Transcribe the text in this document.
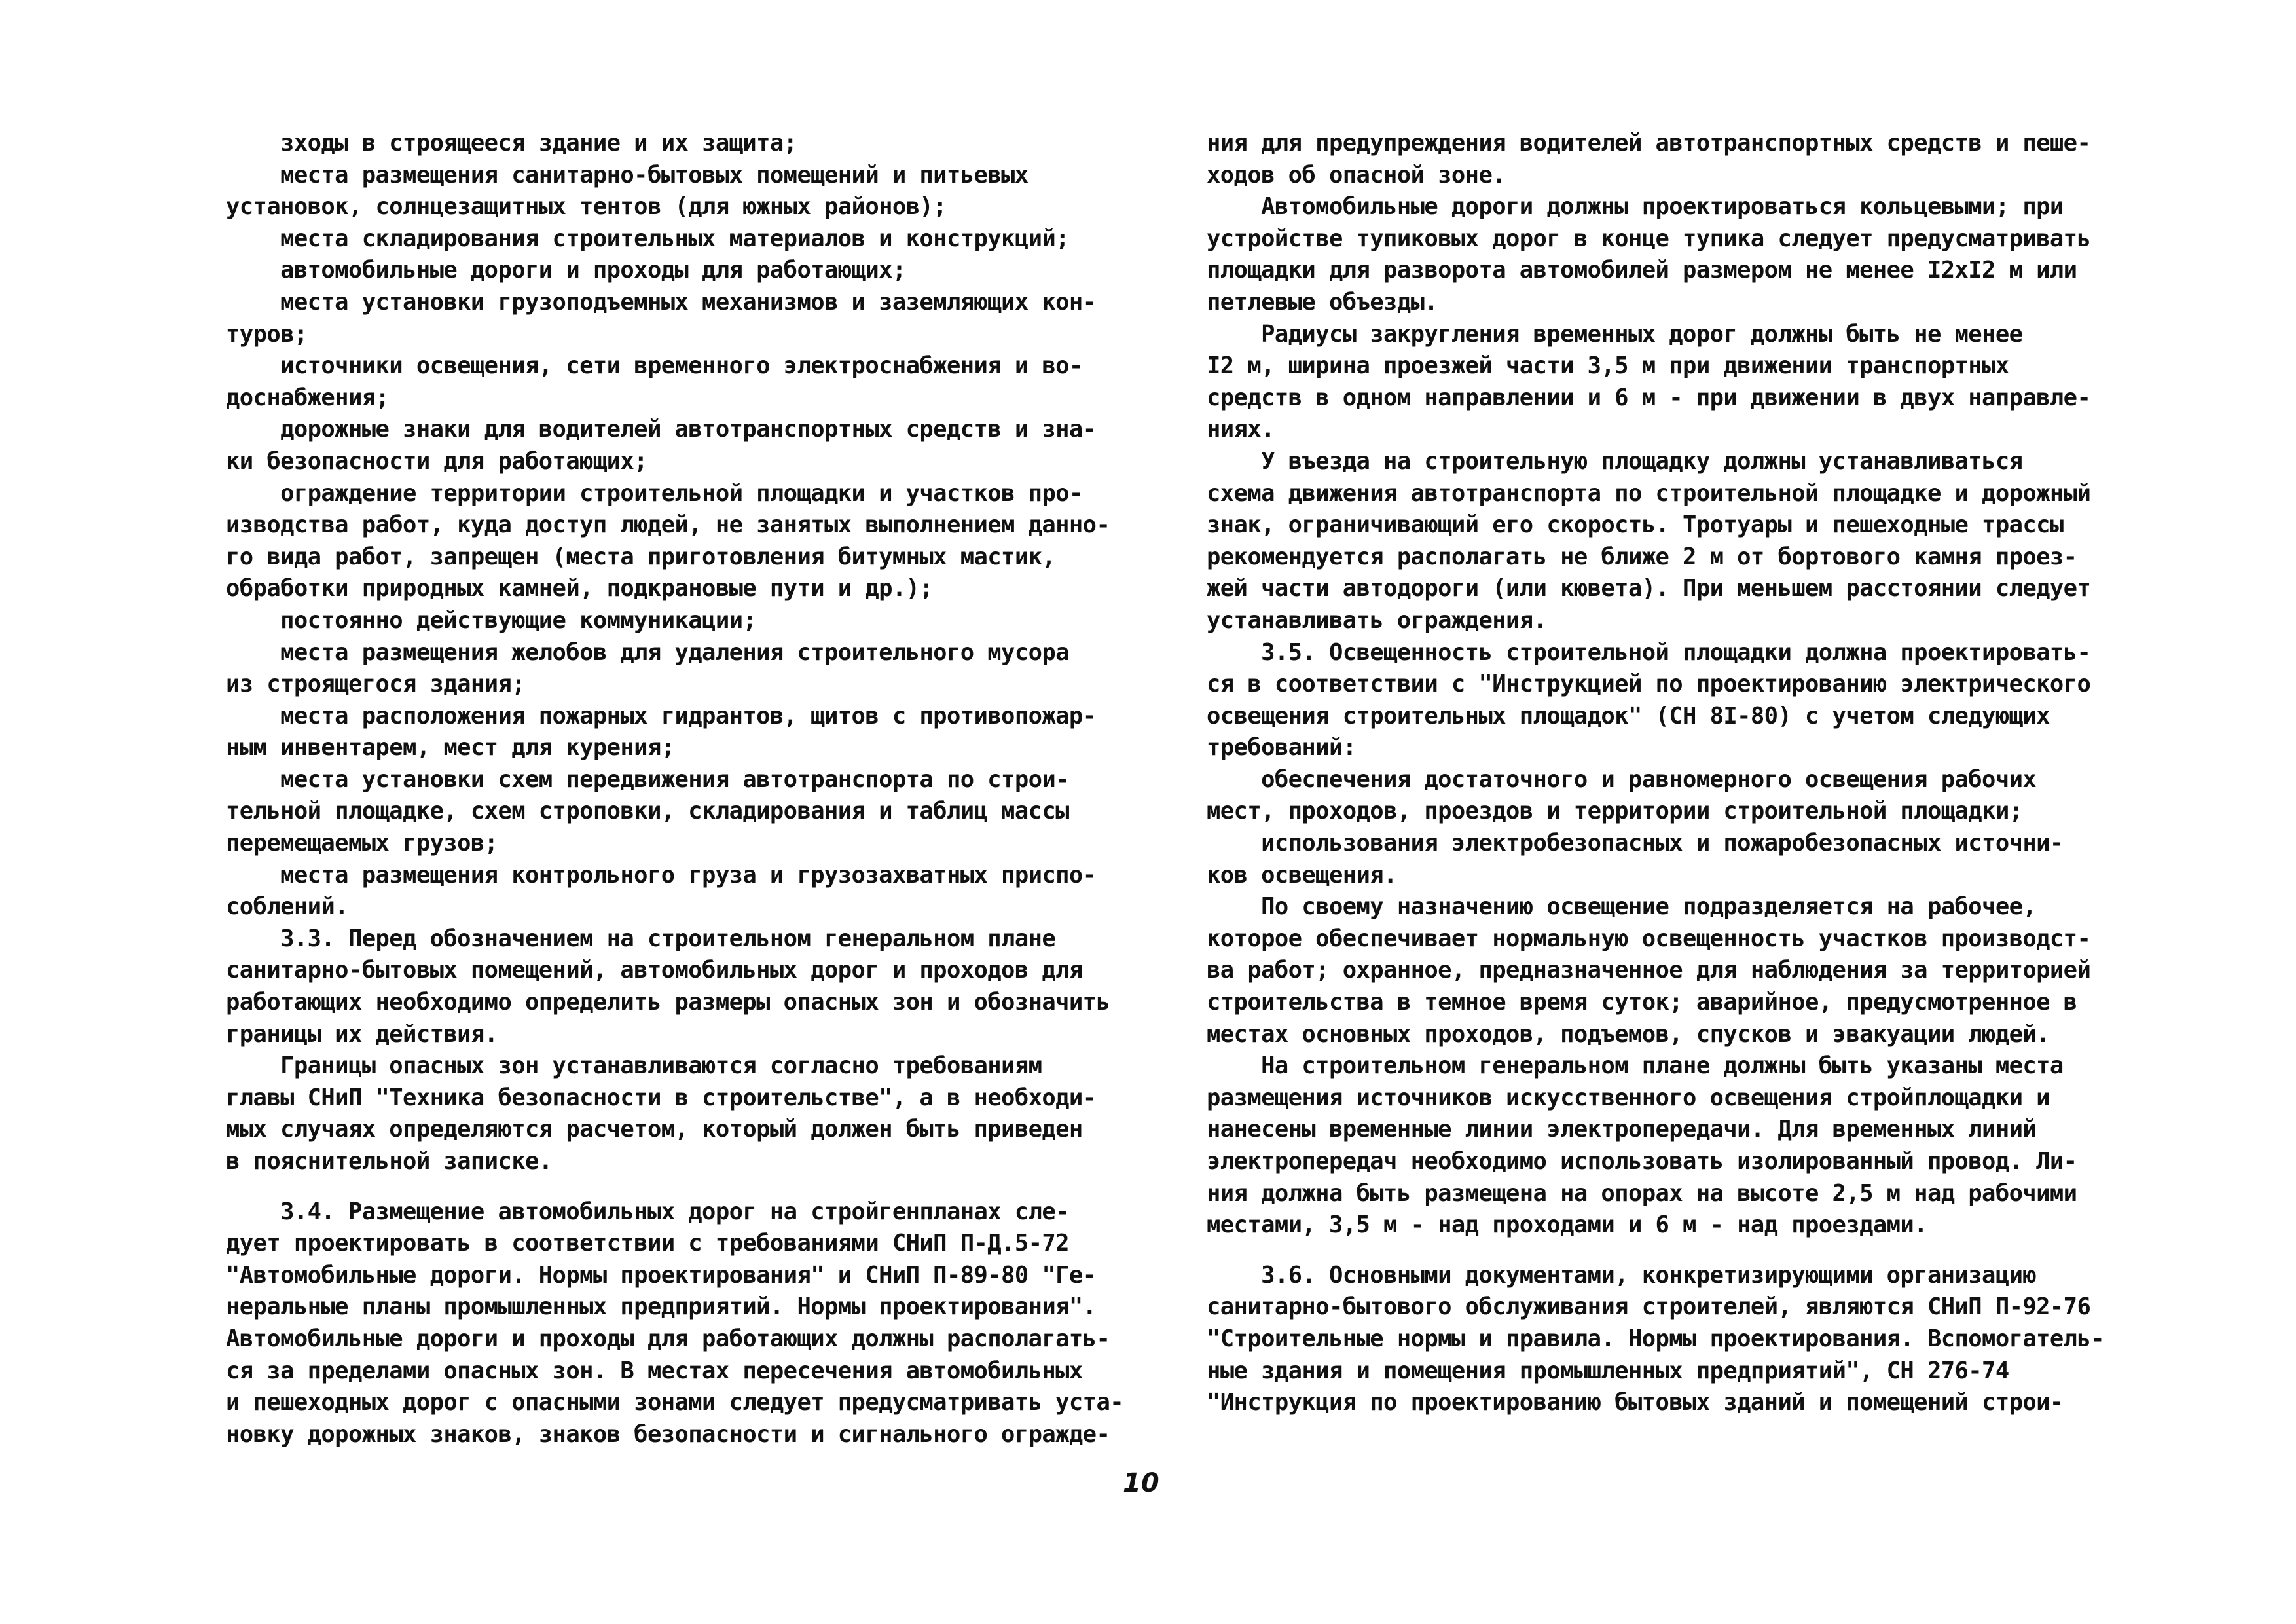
зходы в строящееся здание и их защита;
места размещения санитарно-бытовых помещений и питьевых
установок, солнцезащитных тентов (для южных районов);
места складирования строительных материалов и конструкций;
автомобильные дороги и проходы для работающих;
места установки грузоподъемных механизмов и заземляющих кон-
туров;
источники освещения, сети временного электроснабжения и во-
доснабжения;
дорожные знаки для водителей автотранспортных средств и зна-
ки безопасности для работающих;
ограждение территории строительной площадки и участков про-
изводства работ, куда доступ людей, не занятых выполнением данно-
го вида работ, запрещен (места приготовления битумных мастик,
обработки природных камней, подкрановые пути и др.);
постоянно действующие коммуникации;
места размещения желобов для удаления строительного мусора
из строящегося здания;
места расположения пожарных гидрантов, щитов с противопожар-
ным инвентарем, мест для курения;
места установки схем передвижения автотранспорта по строи-
тельной площадке, схем строповки, складирования и таблиц массы
перемещаемых грузов;
места размещения контрольного груза и грузозахватных приспо-
соблений.
3.3. Перед обозначением на строительном генеральном плане
санитарно-бытовых помещений, автомобильных дорог и проходов для
работающих необходимо определить размеры опасных зон и обозначить
границы их действия.
Границы опасных зон устанавливаются согласно требованиям
главы СНиП "Техника безопасности в строительстве", а в необходи-
мых случаях определяются расчетом, который должен быть приведен
в пояснительной записке.
3.4. Размещение автомобильных дорог на стройгенпланах сле-
дует проектировать в соответствии с требованиями СНиП П-Д.5-72
"Автомобильные дороги. Нормы проектирования" и СНиП П-89-80 "Ге-
неральные планы промышленных предприятий. Нормы проектирования".
Автомобильные дороги и проходы для работающих должны располагать-
ся за пределами опасных зон. В местах пересечения автомобильных
и пешеходных дорог с опасными зонами следует предусматривать уста-
новку дорожных знаков, знаков безопасности и сигнального огражде-
ния для предупреждения водителей автотранспортных средств и пеше-
ходов об опасной зоне.
Автомобильные дороги должны проектироваться кольцевыми; при
устройстве тупиковых дорог в конце тупика следует предусматривать
площадки для разворота автомобилей размером не менее I2xI2 м или
петлевые объезды.
Радиусы закругления временных дорог должны быть не менее
I2 м, ширина проезжей части 3,5 м при движении транспортных
средств в одном направлении и 6 м - при движении в двух направле-
ниях.
У въезда на строительную площадку должны устанавливаться
схема движения автотранспорта по строительной площадке и дорожный
знак, ограничивающий его скорость. Тротуары и пешеходные трассы
рекомендуется располагать не ближе 2 м от бортового камня проез-
жей части автодороги (или кювета). При меньшем расстоянии следует
устанавливать ограждения.
3.5. Освещенность строительной площадки должна проектировать-
ся в соответствии с "Инструкцией по проектированию электрического
освещения строительных площадок" (СН 8I-80) с учетом следующих
требований:
обеспечения достаточного и равномерного освещения рабочих
мест, проходов, проездов и территории строительной площадки;
использования электробезопасных и пожаробезопасных источни-
ков освещения.
По своему назначению освещение подразделяется на рабочее,
которое обеспечивает нормальную освещенность участков производст-
ва работ; охранное, предназначенное для наблюдения за территорией
строительства в темное время суток; аварийное, предусмотренное в
местах основных проходов, подъемов, спусков и эвакуации людей.
На строительном генеральном плане должны быть указаны места
размещения источников искусственного освещения стройплощадки и
нанесены временные линии электропередачи. Для временных линий
электропередач необходимо использовать изолированный провод. Ли-
ния должна быть размещена на опорах на высоте 2,5 м над рабочими
местами, 3,5 м - над проходами и 6 м - над проездами.
3.6. Основными документами, конкретизирующими организацию
санитарно-бытового обслуживания строителей, являются СНиП П-92-76
"Строительные нормы и правила. Нормы проектирования. Вспомогатель-
ные здания и помещения промышленных предприятий", СН 276-74
"Инструкция по проектированию бытовых зданий и помещений строи-
10
